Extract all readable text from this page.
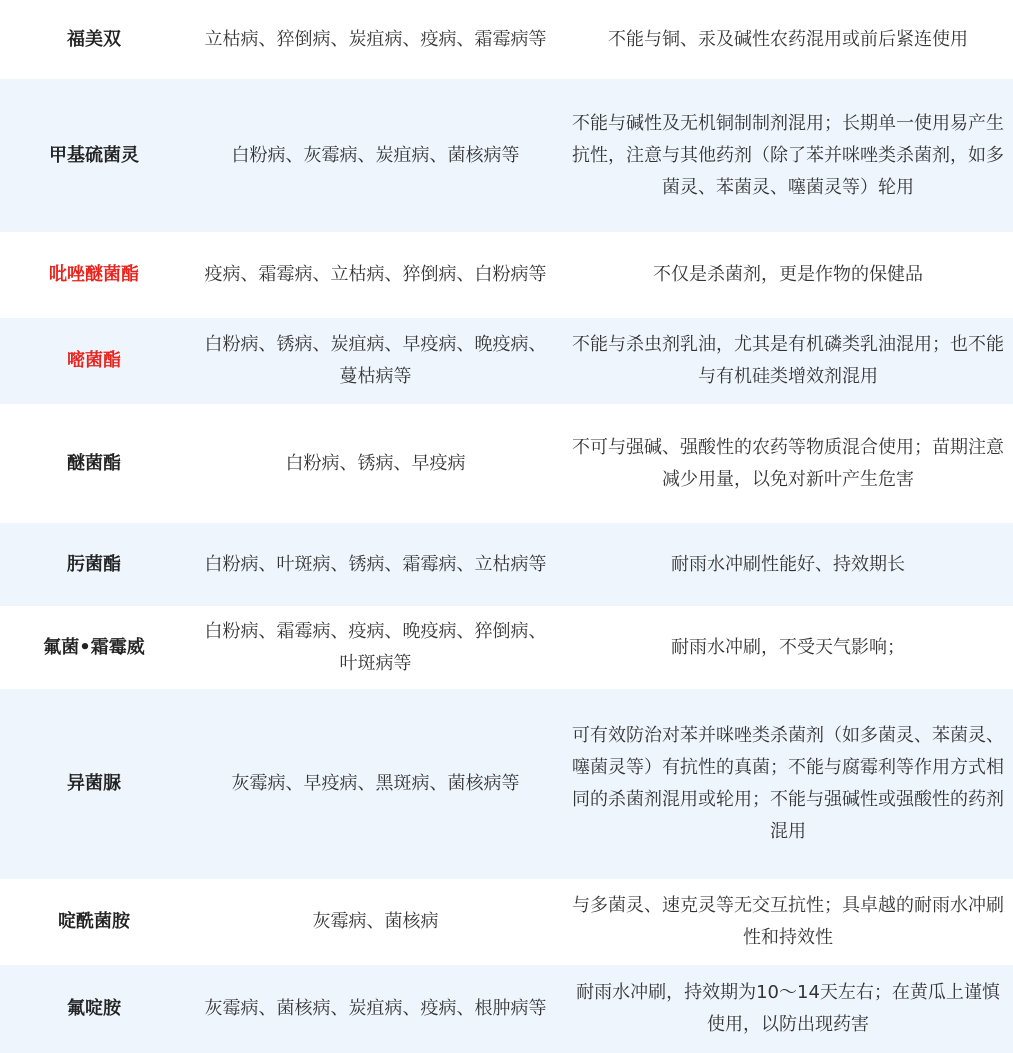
福美双	立枯病、猝倒病、炭疽病、疫病、霜霉病等	不能与铜、汞及碱性农药混用或前后紧连使用
甲基硫菌灵	白粉病、灰霉病、炭疽病、菌核病等	不能与碱性及无机铜制制剂混用；长期单一使用易产生抗性，注意与其他药剂（除了苯并咪唑类杀菌剂，如多菌灵、苯菌灵、噻菌灵等）轮用
吡唑醚菌酯	疫病、霜霉病、立枯病、猝倒病、白粉病等	不仅是杀菌剂，更是作物的保健品
嘧菌酯	白粉病、锈病、炭疽病、早疫病、晚疫病、蔓枯病等	不能与杀虫剂乳油，尤其是有机磷类乳油混用；也不能与有机硅类增效剂混用
醚菌酯	白粉病、锈病、早疫病	不可与强碱、强酸性的农药等物质混合使用；苗期注意减少用量，以免对新叶产生危害
肟菌酯	白粉病、叶斑病、锈病、霜霉病、立枯病等	耐雨水冲刷性能好、持效期长
氟菌•霜霉威	白粉病、霜霉病、疫病、晚疫病、猝倒病、叶斑病等	耐雨水冲刷，不受天气影响；
异菌脲	灰霉病、早疫病、黑斑病、菌核病等	可有效防治对苯并咪唑类杀菌剂（如多菌灵、苯菌灵、噻菌灵等）有抗性的真菌；不能与腐霉利等作用方式相同的杀菌剂混用或轮用；不能与强碱性或强酸性的药剂混用
啶酰菌胺	灰霉病、菌核病	与多菌灵、速克灵等无交互抗性；具卓越的耐雨水冲刷性和持效性
氟啶胺	灰霉病、菌核病、炭疽病、疫病、根肿病等	耐雨水冲刷，持效期为10～14天左右；在黄瓜上谨慎使用，以防出现药害
